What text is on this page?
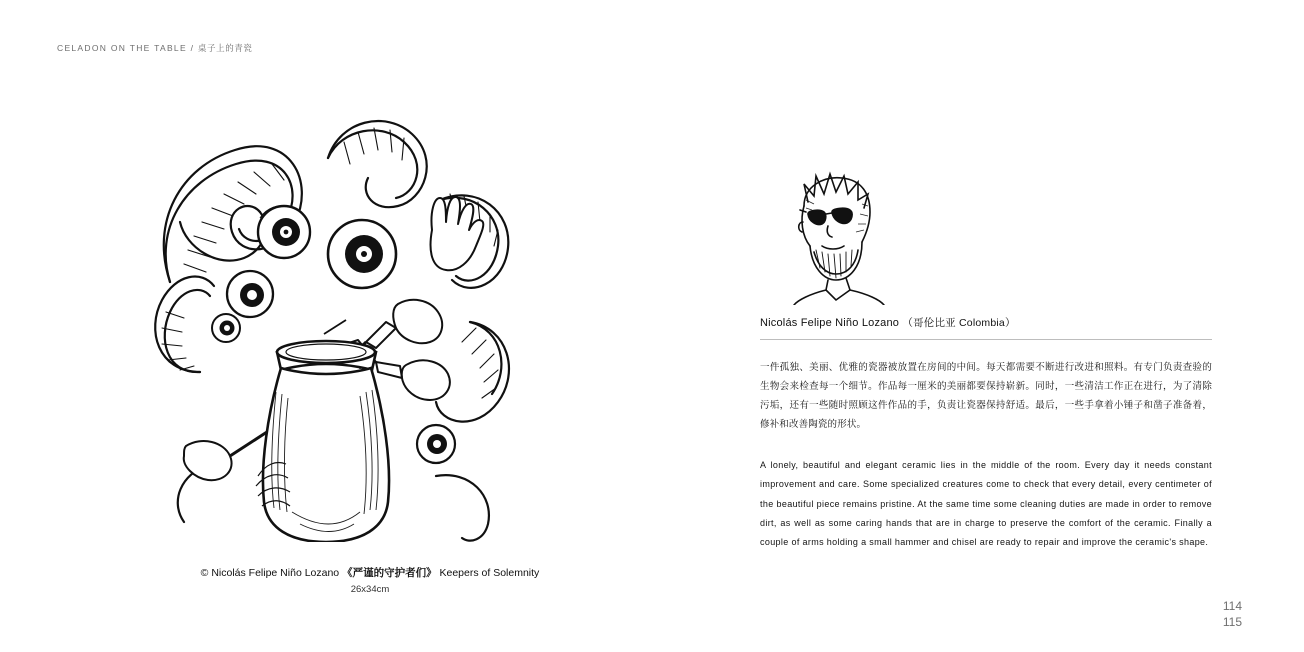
CELADON ON THE TABLE / 桌子上的青瓷
© Nicolás Felipe Niño Lozano 《严谨的守护者们》 Keepers of Solemnity
26x34cm
Nicolás Felipe Niño Lozano （哥伦比亚 Colombia）

一件孤独、美丽、优雅的瓷器被放置在房间的中间。每天都需要不断进行改进和照料。有专门负责查验的生物会来检查每一个细节。作品每一厘米的美丽都要保持崭新。同时，一些清洁工作正在进行，为了清除污垢，还有一些随时照顾这件作品的手，负责让瓷器保持舒适。最后，一些手拿着小锤子和凿子准备着，修补和改善陶瓷的形状。

A lonely, beautiful and elegant ceramic lies in the middle of the room. Every day it needs constant improvement and care. Some specialized creatures come to check that every detail, every centimeter of the beautiful piece remains pristine. At the same time some cleaning duties are made in order to remove dirt, as well as some caring hands that are in charge to preserve the comfort of the ceramic. Finally a couple of arms holding a small hammer and chisel are ready to repair and improve the ceramic's shape.

114
115
